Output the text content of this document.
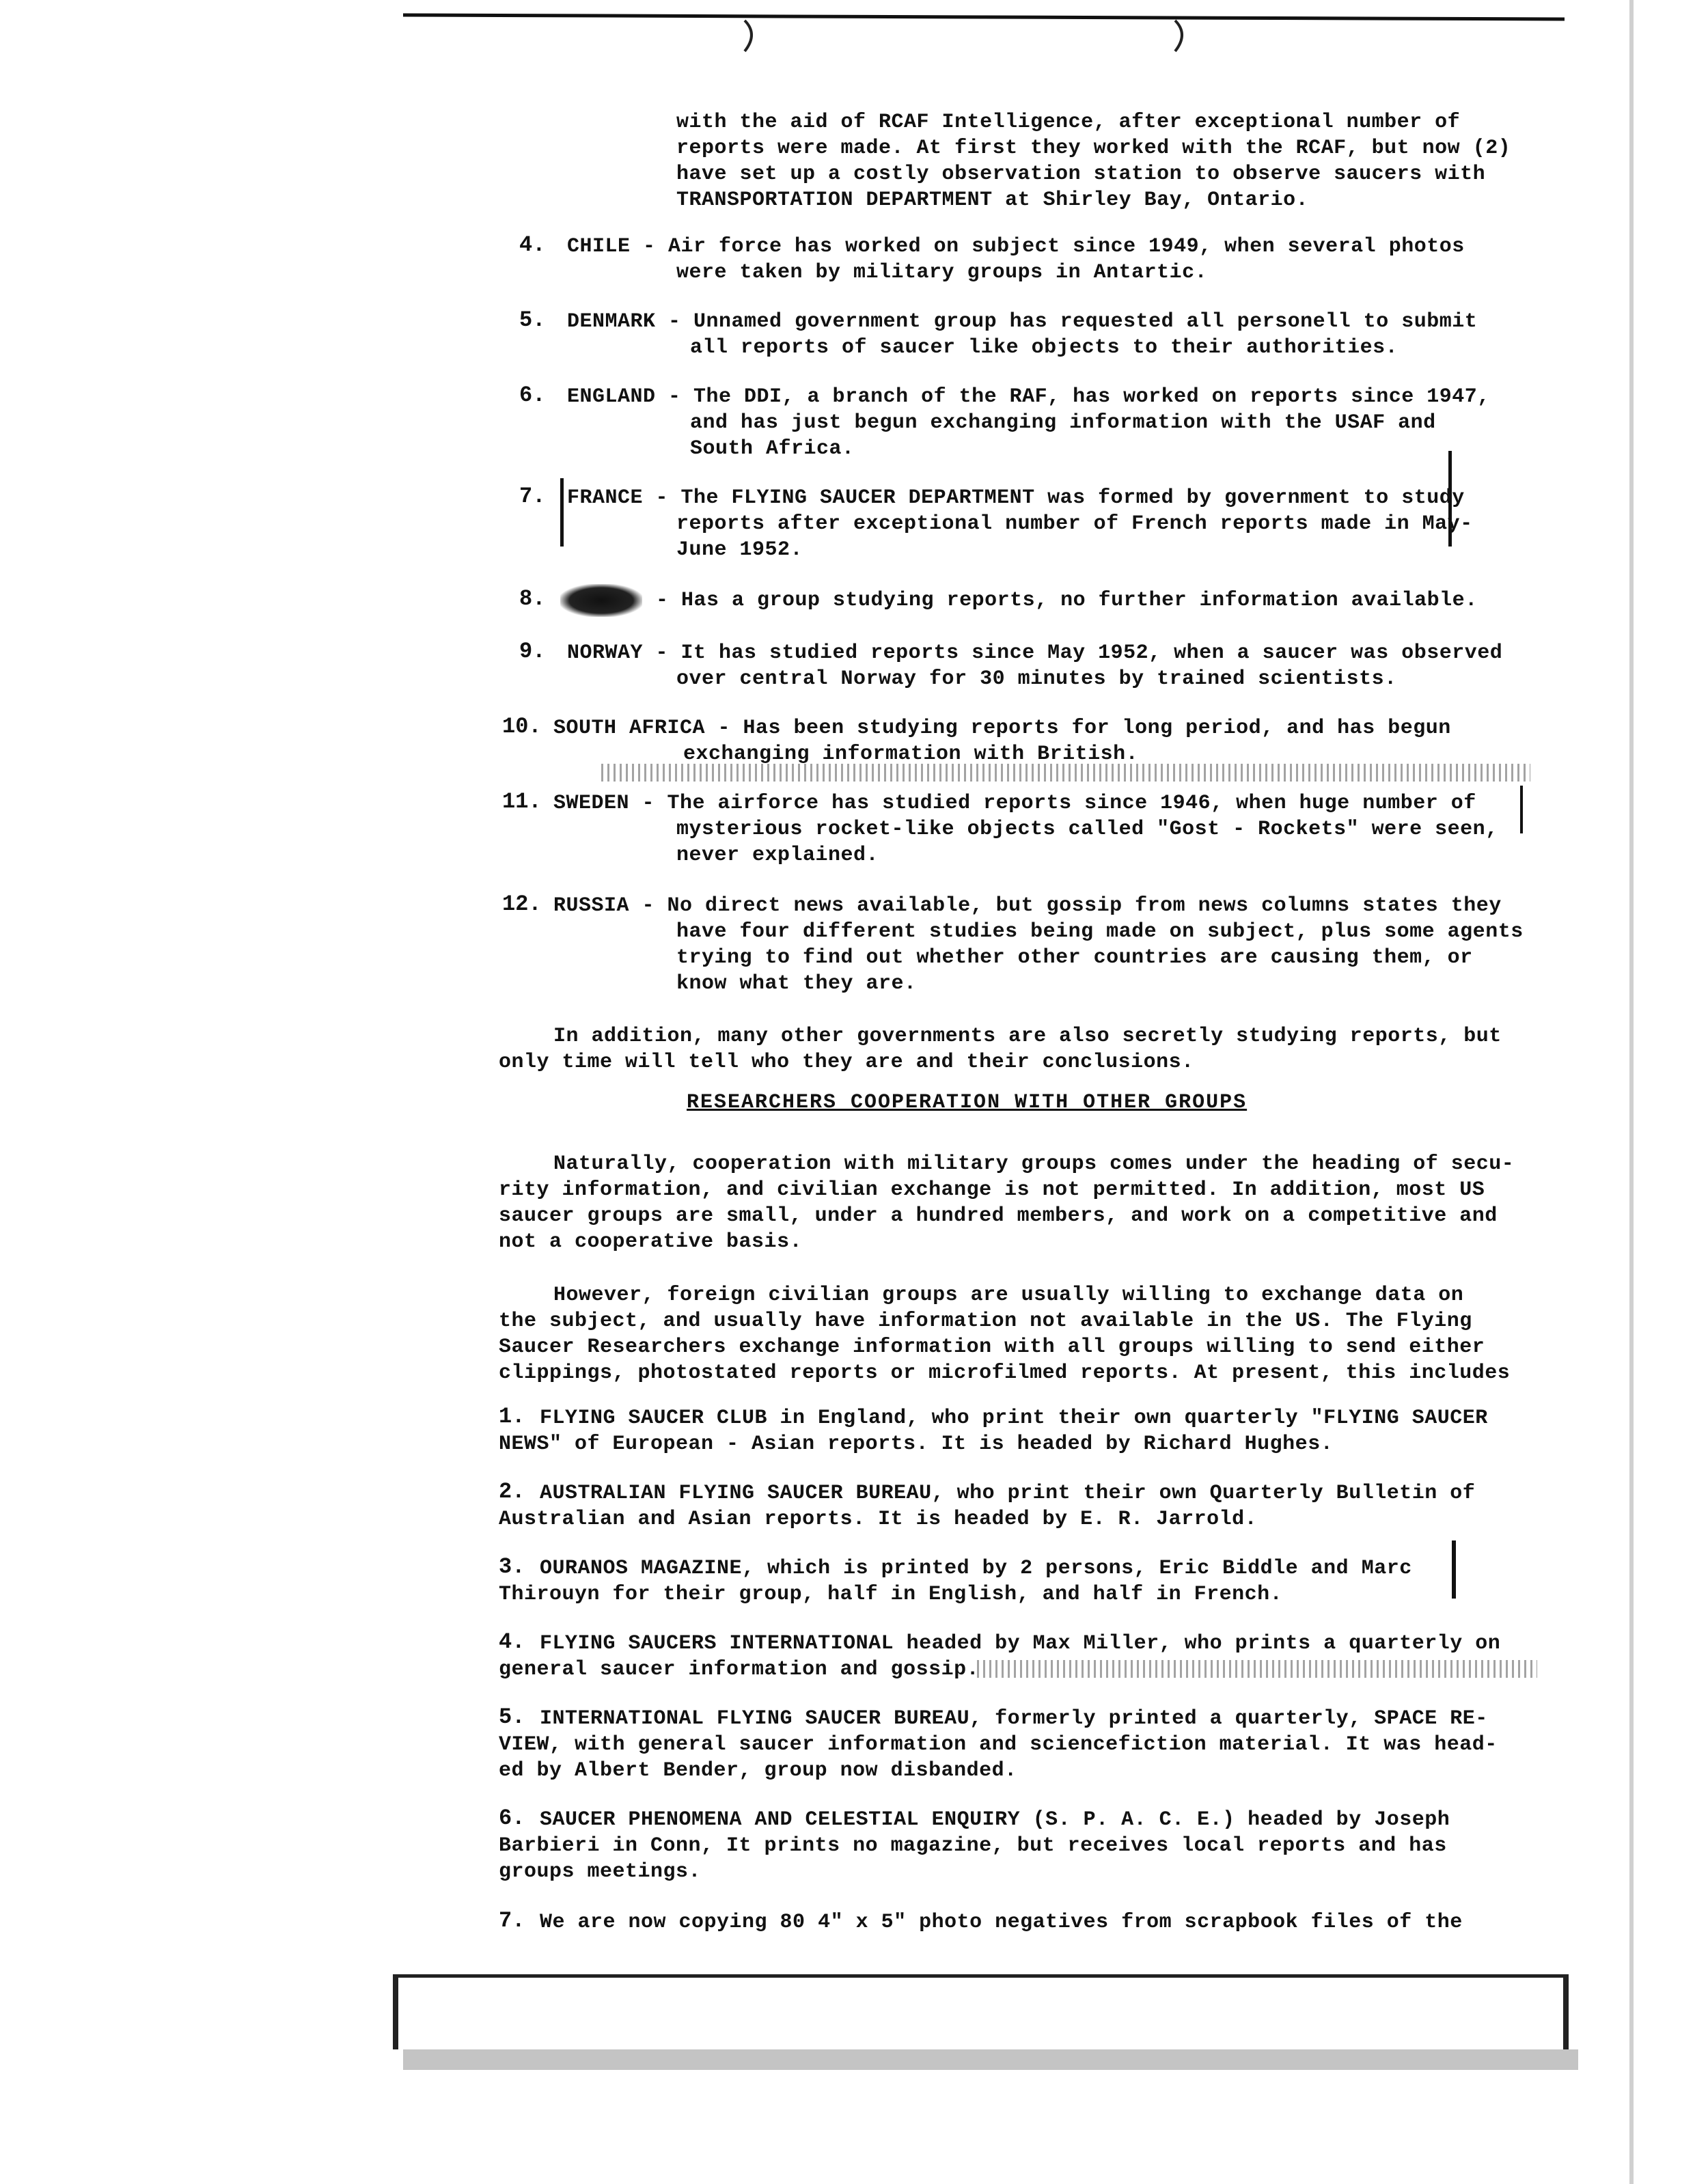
with the aid of RCAF Intelligence, after exceptional number of
reports were made. At first they worked with the RCAF, but now (2)
have set up a costly observation station to observe saucers with
TRANSPORTATION DEPARTMENT at Shirley Bay, Ontario.
4. CHILE - Air force has worked on subject since 1949, when several photos
were taken by military groups in Antartic.
5. DENMARK - Unnamed government group has requested all personell to submit
all reports of saucer like objects to their authorities.
6. ENGLAND - The DDI, a branch of the RAF, has worked on reports since 1947,
and has just begun exchanging information with the USAF and
South Africa.
7. FRANCE - The FLYING SAUCER DEPARTMENT was formed by government to study
reports after exceptional number of French reports made in May-
June 1952.
8.	- Has a group studying reports, no further information available.
9. NORWAY - It has studied reports since May 1952, when a saucer was observed
over central Norway for 30 minutes by trained scientists.
10. SOUTH AFRICA - Has been studying reports for long period, and has begun
exchanging information with British.
11. SWEDEN - The airforce has studied reports since 1946, when huge number of
mysterious rocket-like objects called "Gost - Rockets" were seen,
never explained.
12. RUSSIA - No direct news available, but gossip from news columns states they
have four different studies being made on subject, plus some agents
trying to find out whether other countries are causing them, or
know what they are.
In addition, many other governments are also secretly studying reports, but
only time will tell who they are and their conclusions.
RESEARCHERS COOPERATION WITH OTHER GROUPS
Naturally, cooperation with military groups comes under the heading of secu-
rity information, and civilian exchange is not permitted. In addition, most US
saucer groups are small, under a hundred members, and work on a competitive and
not a cooperative basis.
However, foreign civilian groups are usually willing to exchange data on
the subject, and usually have information not available in the US. The Flying
Saucer Researchers exchange information with all groups willing to send either
clippings, photostated reports or microfilmed reports. At present, this includes
1. FLYING SAUCER CLUB in England, who print their own quarterly "FLYING SAUCER
NEWS" of European - Asian reports. It is headed by Richard Hughes.
2. AUSTRALIAN FLYING SAUCER BUREAU, who print their own Quarterly Bulletin of
Australian and Asian reports. It is headed by E. R. Jarrold.
3. OURANOS MAGAZINE, which is printed by 2 persons, Eric Biddle and Marc
Thirouyn for their group, half in English, and half in French.
4. FLYING SAUCERS INTERNATIONAL headed by Max Miller, who prints a quarterly on
general saucer information and gossip.
5. INTERNATIONAL FLYING SAUCER BUREAU, formerly printed a quarterly, SPACE RE-
VIEW, with general saucer information and sciencefiction material. It was head-
ed by Albert Bender, group now disbanded.
6. SAUCER PHENOMENA AND CELESTIAL ENQUIRY (S. P. A. C. E.) headed by Joseph
Barbieri in Conn, It prints no magazine, but receives local reports and has
groups meetings.
7. We are now copying 80 4" x 5" photo negatives from scrapbook files of the
